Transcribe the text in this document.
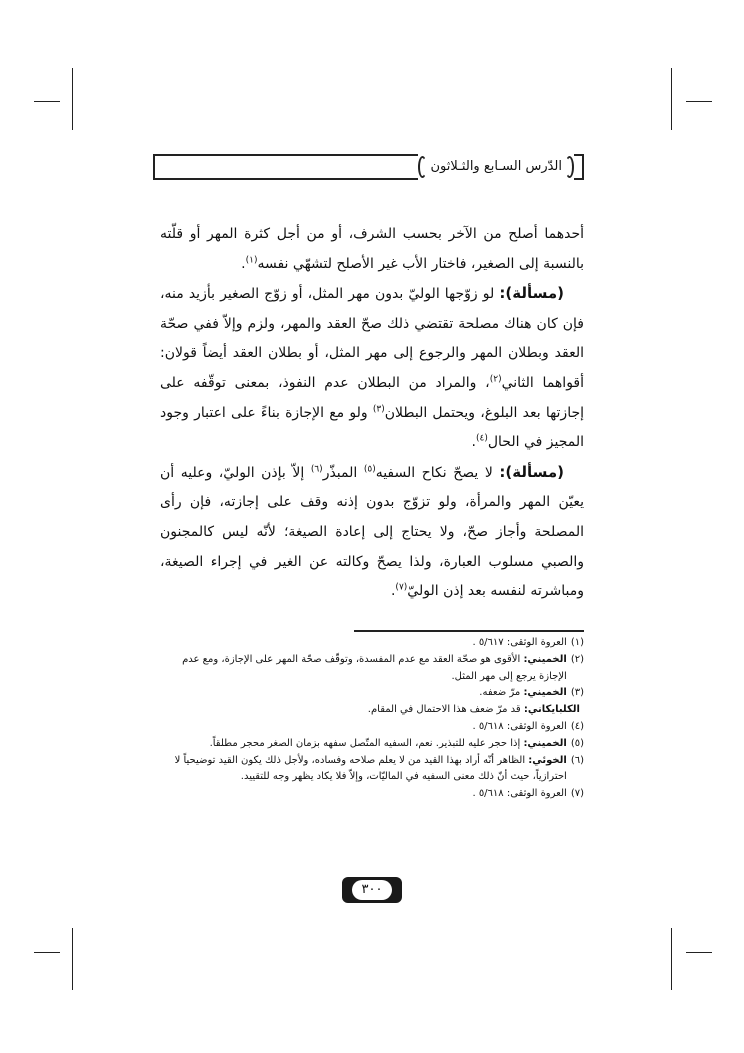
الدّرس السـابع والثـلاثون

أحدهما أصلح من الآخر بحسب الشرف، أو من أجل كثرة المهر أو قلّته بالنسبة إلى الصغير، فاختار الأب غير الأصلح لتشهّي نفسه$^{(١)}$.

(مسألة): لو زوّجها الوليّ بدون مهر المثل، أو زوّج الصغير بأزيد منه، فإن كان هناك مصلحة تقتضي ذلك صحّ العقد والمهر، ولزم وإلاّ ففي صحّة العقد وبطلان المهر والرجوع إلى مهر المثل، أو بطلان العقد أيضاً قولان: أقواهما الثاني$^{(٢)}$، والمراد من البطلان عدم النفوذ، بمعنى توقّفه على إجازتها بعد البلوغ، ويحتمل البطلان$^{(٣)}$ ولو مع الإجازة بناءً على اعتبار وجود المجيز في الحال$^{(٤)}$.

(مسألة): لا يصحّ نكاح السفيه$^{(٥)}$ المبذّر$^{(٦)}$ إلاّ بإذن الوليّ، وعليه أن يعيّن المهر والمرأة، ولو تزوّج بدون إذنه وقف على إجازته، فإن رأى المصلحة وأجاز صحّ، ولا يحتاج إلى إعادة الصيغة؛ لأنّه ليس كالمجنون والصبي مسلوب العبارة، ولذا يصحّ وكالته عن الغير في إجراء الصيغة، ومباشرته لنفسه بعد إذن الوليّ$^{(٧)}$.

(١)
العروة الوثقى: ٥/٦١٧ .
(٢)
الخميني: الأقوى هو صحّة العقد مع عدم المفسدة، وتوقّف صحّة المهر على الإجازة، ومع عدم الإجازة يرجع إلى مهر المثل.
(٣)
الخميني: مرّ ضعفه.
الكلبايكاني: قد مرّ ضعف هذا الاحتمال في المقام.
(٤)
العروة الوثقى: ٥/٦١٨ .
(٥)
الخميني: إذا حجر عليه للتبذير. نعم، السفيه المتّصل سفهه بزمان الصغر محجر مطلقاً.
(٦)
الخوئي: الظاهر أنّه أراد بهذا القيد من لا يعلم صلاحه وفساده، ولأجل ذلك يكون القيد توضيحياً لا احترازياً، حيث أنّ ذلك معنى السفيه في الماليّات، وإلاّ فلا يكاد يظهر وجه للتقييد.
(٧)
العروة الوثقى: ٥/٦١٨ .
٣٠٠
